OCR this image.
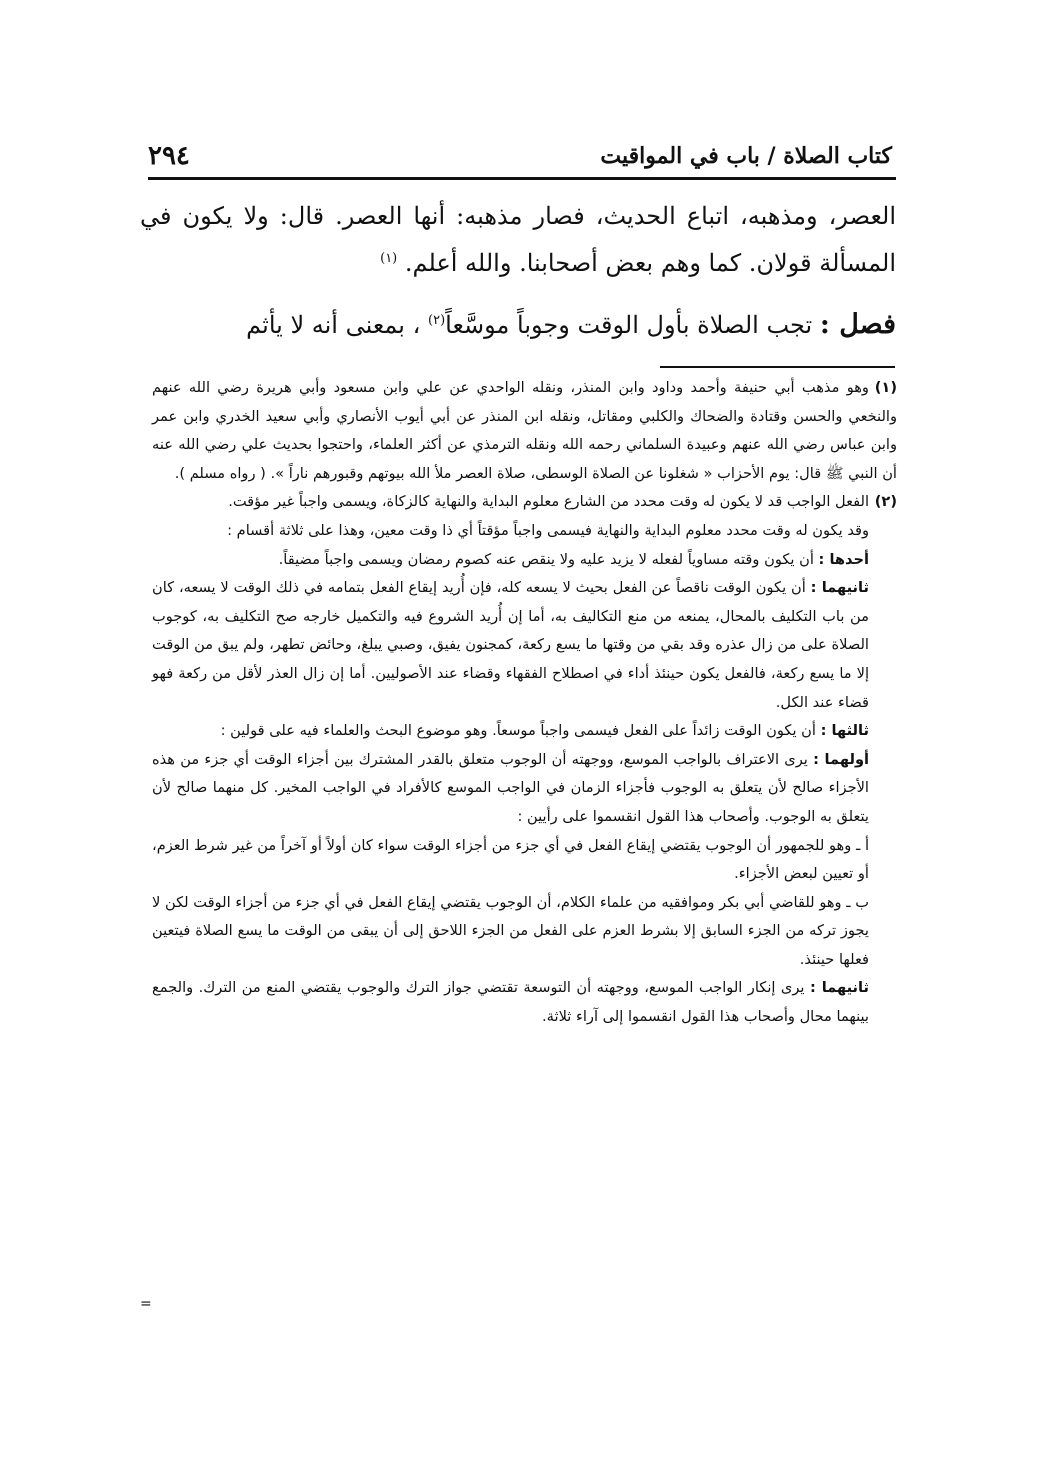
كتاب الصلاة / باب في المواقيت
٢٩٤

العصر، ومذهبه، اتباع الحديث، فصار مذهبه: أنها العصر. قال: ولا يكون في المسألة قولان. كما وهم بعض أصحابنا. والله أعلم. $^{(١)}$

فصل : تجب الصلاة بأول الوقت وجوباً موسَّعاً$^{(٢)}$ ، بمعنى أنه لا يأثم

(١)وهو مذهب أبي حنيفة وأحمد وداود وابن المنذر، ونقله الواحدي عن علي وابن مسعود وأبي هريرة رضي الله عنهم والنخعي والحسن وقتادة والضحاك والكلبي ومقاتل، ونقله ابن المنذر عن أبي أيوب الأنصاري وأبي سعيد الخدري وابن عمر وابن عباس رضي الله عنهم وعبيدة السلماني رحمه الله ونقله الترمذي عن أكثر العلماء، واحتجوا بحديث علي رضي الله عنه أن النبي ﷺ قال: يوم الأحزاب « شغلونا عن الصلاة الوسطى، صلاة العصر ملأ الله بيوتهم وقبورهم ناراً ». ( رواه مسلم ).

(٢)الفعل الواجب قد لا يكون له وقت محدد من الشارع معلوم البداية والنهاية كالزكاة، ويسمى واجباً غير مؤقت.

وقد يكون له وقت محدد معلوم البداية والنهاية فيسمى واجباً مؤقتاً أي ذا وقت معين، وهذا على ثلاثة أقسام :

أحدها : أن يكون وقته مساوياً لفعله لا يزيد عليه ولا ينقص عنه كصوم رمضان ويسمى واجباً مضيقاً.

ثانيهما : أن يكون الوقت ناقصاً عن الفعل بحيث لا يسعه كله، فإن أُريد إيقاع الفعل بتمامه في ذلك الوقت لا يسعه، كان من باب التكليف بالمحال، يمنعه من منع التكاليف به، أما إن أُريد الشروع فيه والتكميل خارجه صح التكليف به، كوجوب الصلاة على من زال عذره وقد بقي من وقتها ما يسع ركعة، كمجنون يفيق، وصبي يبلغ، وحائض تطهر، ولم يبق من الوقت إلا ما يسع ركعة، فالفعل يكون حينئذ أداء في اصطلاح الفقهاء وقضاء عند الأصوليين. أما إن زال العذر لأقل من ركعة فهو قضاء عند الكل.

ثالثها : أن يكون الوقت زائداً على الفعل فيسمى واجباً موسعاً. وهو موضوع البحث والعلماء فيه على قولين :

أولهما : يرى الاعتراف بالواجب الموسع، ووجهته أن الوجوب متعلق بالقدر المشترك بين أجزاء الوقت أي جزء من هذه الأجزاء صالح لأن يتعلق به الوجوب فأجزاء الزمان في الواجب الموسع كالأفراد في الواجب المخير. كل منهما صالح لأن يتعلق به الوجوب. وأصحاب هذا القول انقسموا على رأيين :

أ ـ وهو للجمهور أن الوجوب يقتضي إيقاع الفعل في أي جزء من أجزاء الوقت سواء كان أولاً أو آخراً من غير شرط العزم، أو تعيين لبعض الأجزاء.

ب ـ وهو للقاضي أبي بكر وموافقيه من علماء الكلام، أن الوجوب يقتضي إيقاع الفعل في أي جزء من أجزاء الوقت لكن لا يجوز تركه من الجزء السابق إلا بشرط العزم على الفعل من الجزء اللاحق إلى أن يبقى من الوقت ما يسع الصلاة فيتعين فعلها حينئذ.

ثانيهما : يرى إنكار الواجب الموسع، ووجهته أن التوسعة تقتضي جواز الترك والوجوب يقتضي المنع من الترك. والجمع بينهما محال وأصحاب هذا القول انقسموا إلى آراء ثلاثة.

=
